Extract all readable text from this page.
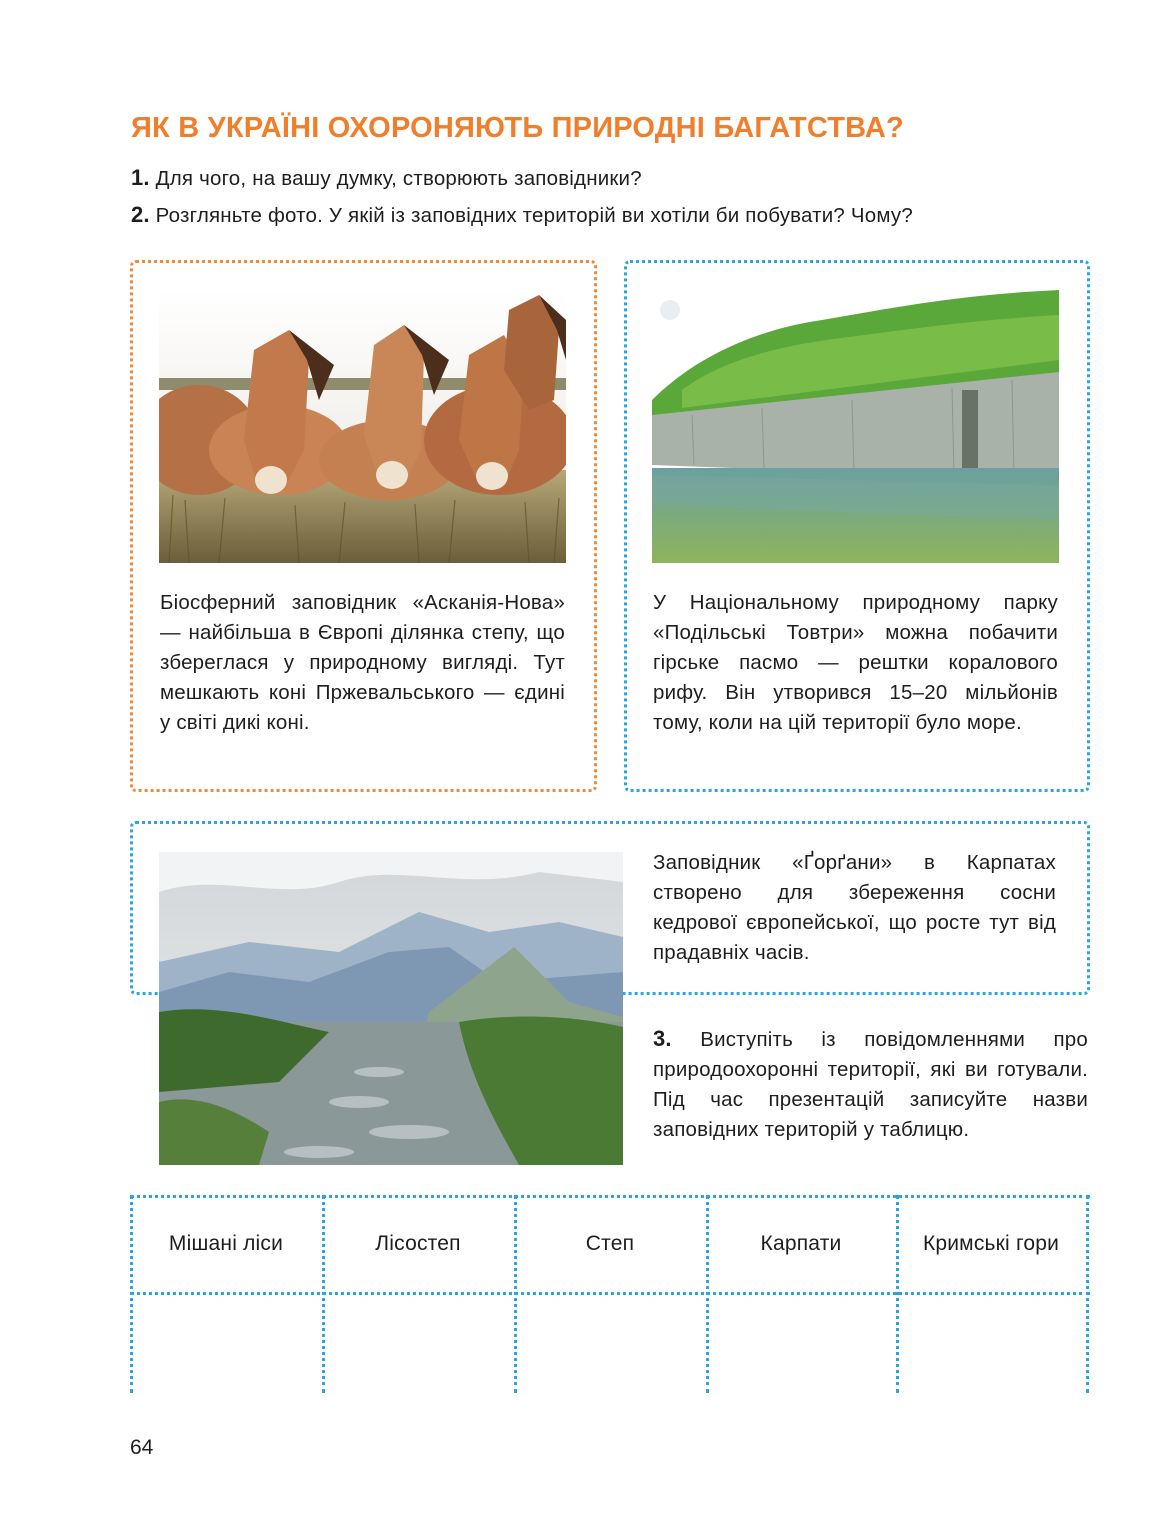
ЯК В УКРАЇНІ ОХОРОНЯЮТЬ ПРИРОДНІ БАГАТСТВА?
1. Для чого, на вашу думку, створюють заповідники?
2. Розгляньте фото. У якій із заповідних територій ви хотіли би побувати? Чому?
Біосферний заповідник «Асканія-Нова» — найбільша в Європі ділянка степу, що збереглася у природному вигляді. Тут мешкають коні Пржевальського — єдині у світі дикі коні.
У Національному природному парку «Подільські Товтри» можна побачити гірське пасмо — рештки коралового рифу. Він утворився 15–20 мільйонів тому, коли на цій території було море.
Заповідник «Ґорґани» в Карпатах створено для збереження сосни кедрової європейської, що росте тут від прадавніх часів.
3. Виступіть із повідомленнями про природоохоронні території, які ви готували. Під час презентацій записуйте назви заповідних територій у таблицю.
Мішані ліси	Лісостеп	Степ	Карпати	Кримські гори
64
